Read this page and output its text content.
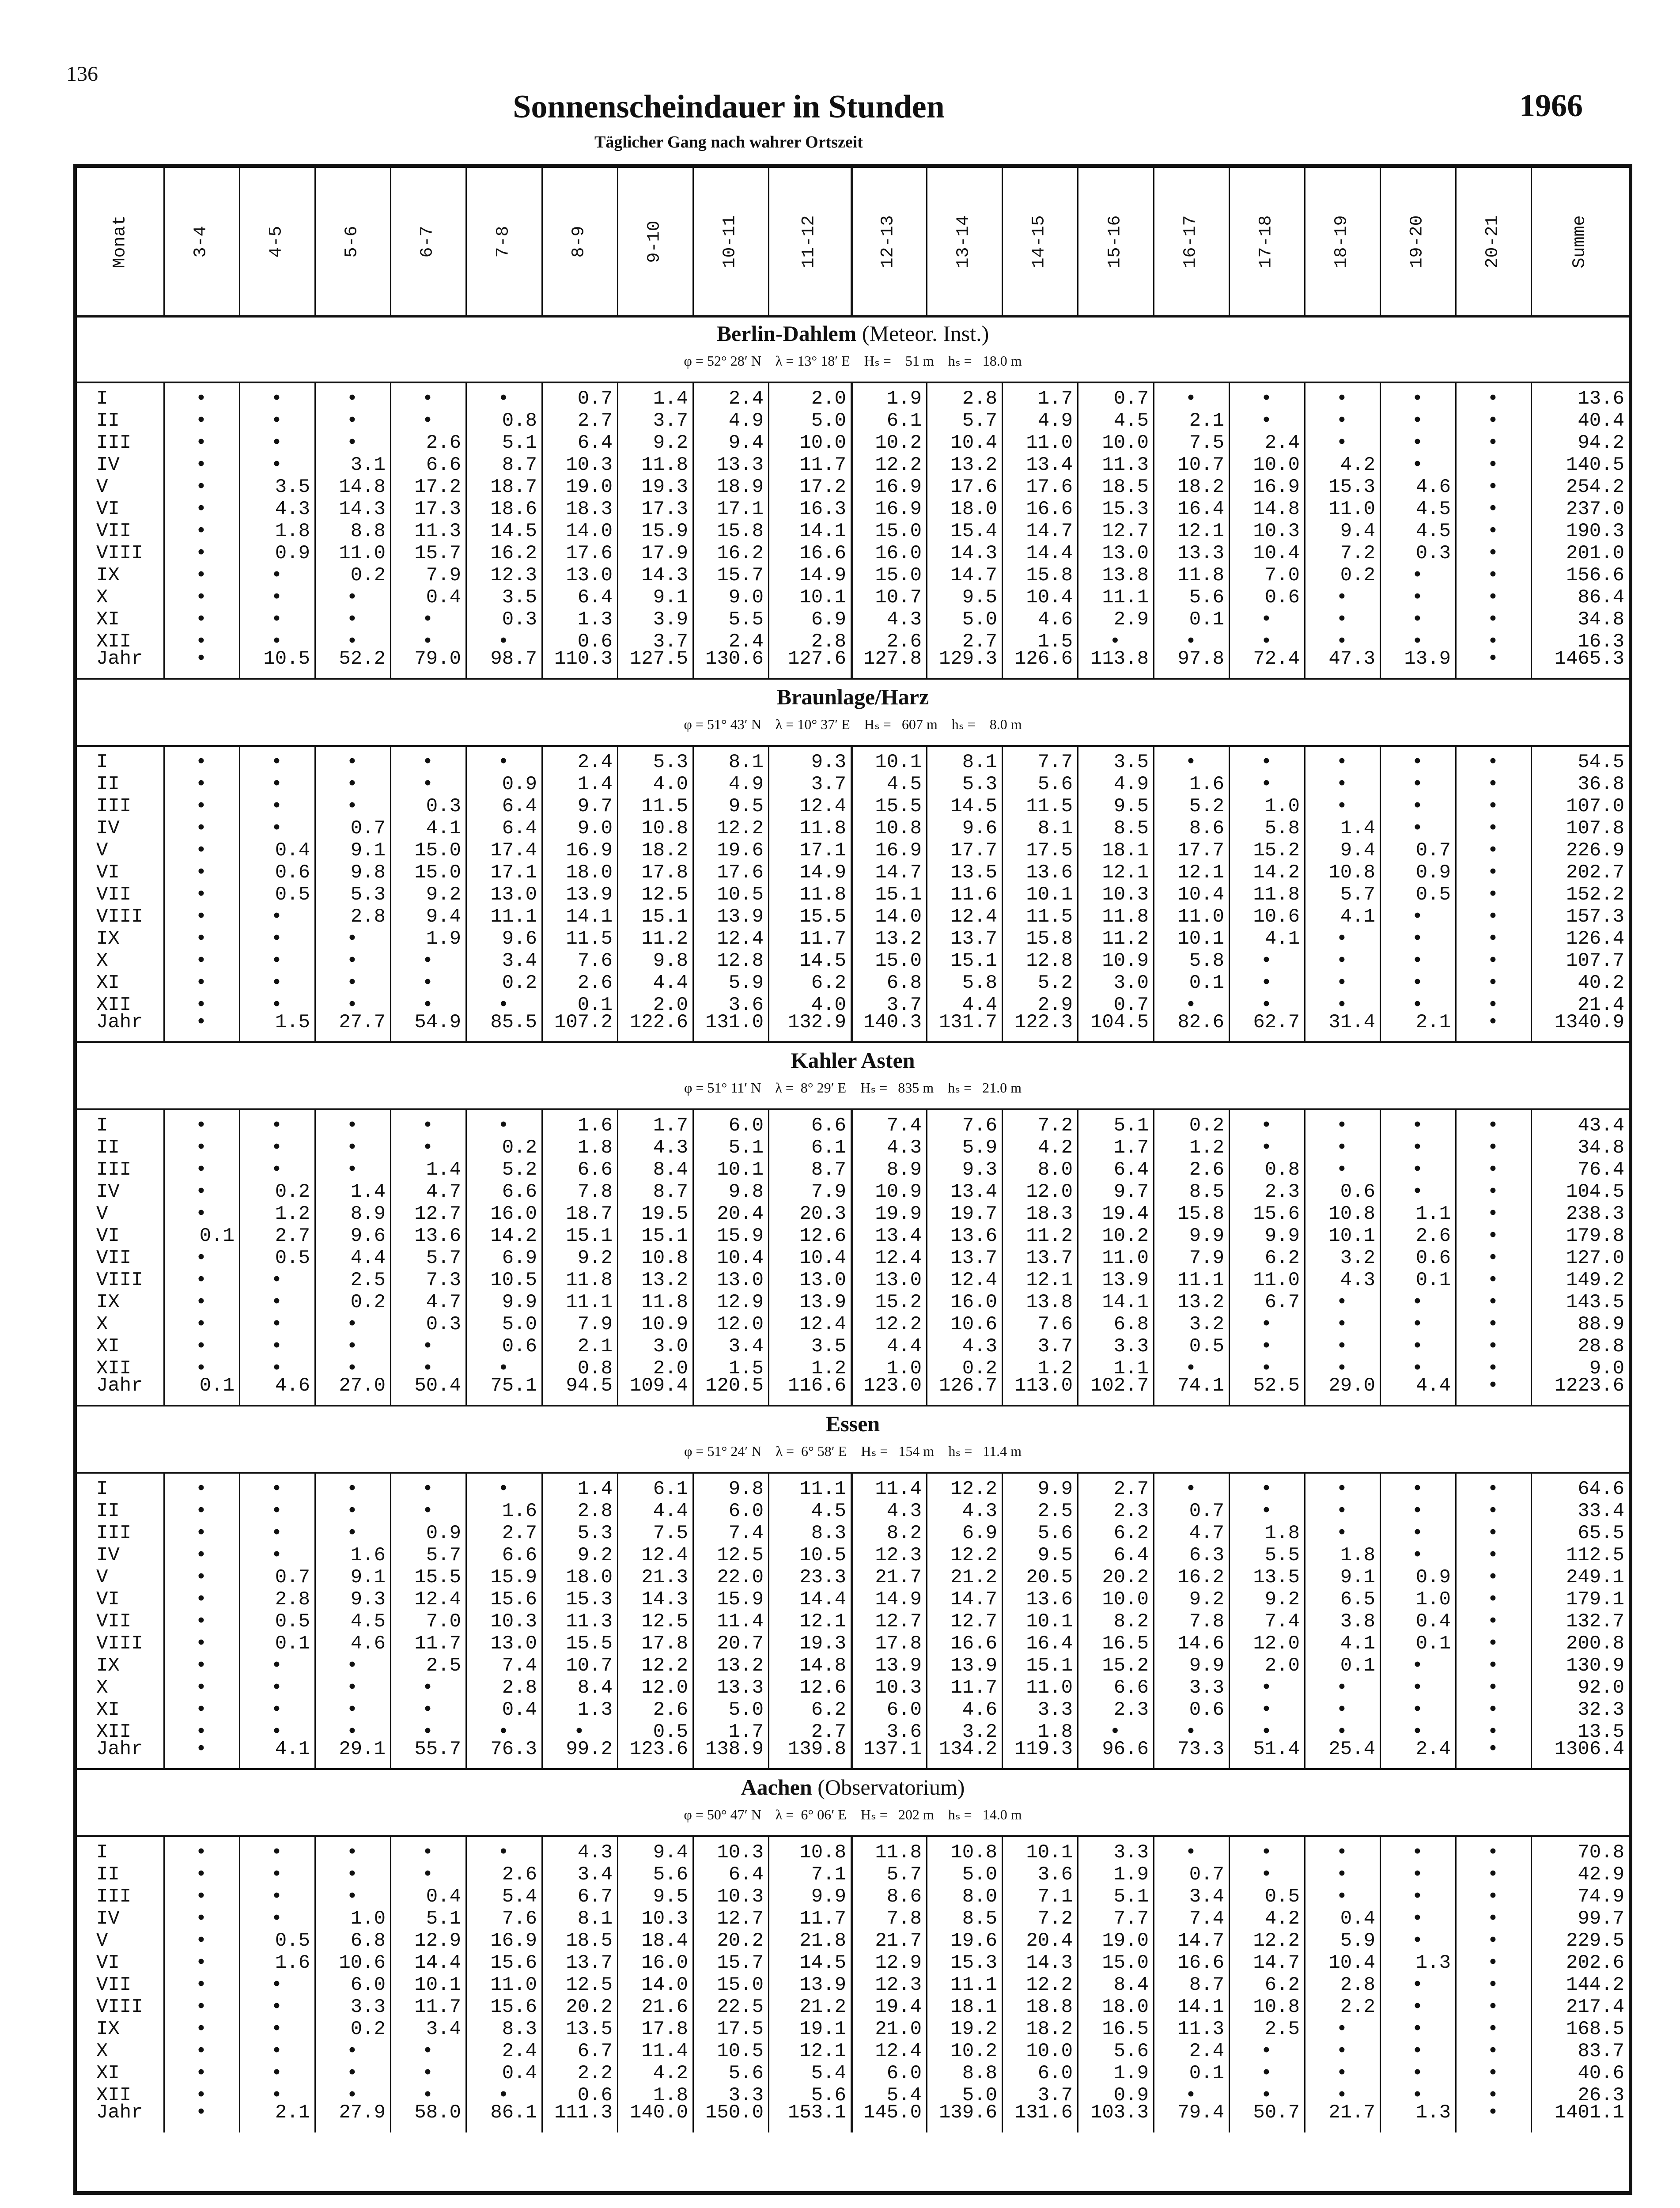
136
Sonnenscheindauer in Stunden	1966
Täglicher Gang nach wahrer Ortszeit
Monat	3-4	4-5	5-6	6-7	7-8	8-9	9-10	10-11	11-12	12-13	13-14	14-15	15-16	16-17	17-18	18-19	19-20	20-21	Summe
Berlin-Dahlem (Meteor. Inst.)
φ = 52° 28′ N    λ = 13° 18′ E    Hₛ =    51 m    hₛ =   18.0 m
I	•	•	•	•	•	0.7	1.4	2.4	2.0	1.9	2.8	1.7	0.7	•	•	•	•	•	13.6
II	•	•	•	•	0.8	2.7	3.7	4.9	5.0	6.1	5.7	4.9	4.5	2.1	•	•	•	•	40.4
III	•	•	•	2.6	5.1	6.4	9.2	9.4	10.0	10.2	10.4	11.0	10.0	7.5	2.4	•	•	•	94.2
IV	•	•	3.1	6.6	8.7	10.3	11.8	13.3	11.7	12.2	13.2	13.4	11.3	10.7	10.0	4.2	•	•	140.5
V	•	3.5	14.8	17.2	18.7	19.0	19.3	18.9	17.2	16.9	17.6	17.6	18.5	18.2	16.9	15.3	4.6	•	254.2
VI	•	4.3	14.3	17.3	18.6	18.3	17.3	17.1	16.3	16.9	18.0	16.6	15.3	16.4	14.8	11.0	4.5	•	237.0
VII	•	1.8	8.8	11.3	14.5	14.0	15.9	15.8	14.1	15.0	15.4	14.7	12.7	12.1	10.3	9.4	4.5	•	190.3
VIII	•	0.9	11.0	15.7	16.2	17.6	17.9	16.2	16.6	16.0	14.3	14.4	13.0	13.3	10.4	7.2	0.3	•	201.0
IX	•	•	0.2	7.9	12.3	13.0	14.3	15.7	14.9	15.0	14.7	15.8	13.8	11.8	7.0	0.2	•	•	156.6
X	•	•	•	0.4	3.5	6.4	9.1	9.0	10.1	10.7	9.5	10.4	11.1	5.6	0.6	•	•	•	86.4
XI	•	•	•	•	0.3	1.3	3.9	5.5	6.9	4.3	5.0	4.6	2.9	0.1	•	•	•	•	34.8
XII	•	•	•	•	•	0.6	3.7	2.4	2.8	2.6	2.7	1.5	•	•	•	•	•	•	16.3
Jahr	•	10.5	52.2	79.0	98.7 110.3 127.5 130.6	127.6 127.8 129.3 126.6 113.8	97.8	72.4	47.3	13.9	•	1465.3
Braunlage/Harz
φ = 51° 43′ N    λ = 10° 37′ E    Hₛ =   607 m    hₛ =    8.0 m
I	•	•	•	•	•	2.4	5.3	8.1	9.3	10.1	8.1	7.7	3.5	•	•	•	•	•	54.5
II	•	•	•	•	0.9	1.4	4.0	4.9	3.7	4.5	5.3	5.6	4.9	1.6	•	•	•	•	36.8
III	•	•	•	0.3	6.4	9.7	11.5	9.5	12.4	15.5	14.5	11.5	9.5	5.2	1.0	•	•	•	107.0
IV	•	•	0.7	4.1	6.4	9.0	10.8	12.2	11.8	10.8	9.6	8.1	8.5	8.6	5.8	1.4	•	•	107.8
V	•	0.4	9.1	15.0	17.4	16.9	18.2	19.6	17.1	16.9	17.7	17.5	18.1	17.7	15.2	9.4	0.7	•	226.9
VI	•	0.6	9.8	15.0	17.1	18.0	17.8	17.6	14.9	14.7	13.5	13.6	12.1	12.1	14.2	10.8	0.9	•	202.7
VII	•	0.5	5.3	9.2	13.0	13.9	12.5	10.5	11.8	15.1	11.6	10.1	10.3	10.4	11.8	5.7	0.5	•	152.2
VIII	•	•	2.8	9.4	11.1	14.1	15.1	13.9	15.5	14.0	12.4	11.5	11.8	11.0	10.6	4.1	•	•	157.3
IX	•	•	•	1.9	9.6	11.5	11.2	12.4	11.7	13.2	13.7	15.8	11.2	10.1	4.1	•	•	•	126.4
X	•	•	•	•	3.4	7.6	9.8	12.8	14.5	15.0	15.1	12.8	10.9	5.8	•	•	•	•	107.7
XI	•	•	•	•	0.2	2.6	4.4	5.9	6.2	6.8	5.8	5.2	3.0	0.1	•	•	•	•	40.2
XII	•	•	•	•	•	0.1	2.0	3.6	4.0	3.7	4.4	2.9	0.7	•	•	•	•	•	21.4
Jahr	•	1.5	27.7	54.9	85.5 107.2 122.6 131.0	132.9 140.3 131.7 122.3 104.5	82.6	62.7	31.4	2.1	•	1340.9
Kahler Asten
φ = 51° 11′ N    λ =  8° 29′ E    Hₛ =   835 m    hₛ =   21.0 m
I	•	•	•	•	•	1.6	1.7	6.0	6.6	7.4	7.6	7.2	5.1	0.2	•	•	•	•	43.4
II	•	•	•	•	0.2	1.8	4.3	5.1	6.1	4.3	5.9	4.2	1.7	1.2	•	•	•	•	34.8
III	•	•	•	1.4	5.2	6.6	8.4	10.1	8.7	8.9	9.3	8.0	6.4	2.6	0.8	•	•	•	76.4
IV	•	0.2	1.4	4.7	6.6	7.8	8.7	9.8	7.9	10.9	13.4	12.0	9.7	8.5	2.3	0.6	•	•	104.5
V	•	1.2	8.9	12.7	16.0	18.7	19.5	20.4	20.3	19.9	19.7	18.3	19.4	15.8	15.6	10.8	1.1	•	238.3
VI	0.1	2.7	9.6	13.6	14.2	15.1	15.1	15.9	12.6	13.4	13.6	11.2	10.2	9.9	9.9	10.1	2.6	•	179.8
VII	•	0.5	4.4	5.7	6.9	9.2	10.8	10.4	10.4	12.4	13.7	13.7	11.0	7.9	6.2	3.2	0.6	•	127.0
VIII	•	•	2.5	7.3	10.5	11.8	13.2	13.0	13.0	13.0	12.4	12.1	13.9	11.1	11.0	4.3	0.1	•	149.2
IX	•	•	0.2	4.7	9.9	11.1	11.8	12.9	13.9	15.2	16.0	13.8	14.1	13.2	6.7	•	•	•	143.5
X	•	•	•	0.3	5.0	7.9	10.9	12.0	12.4	12.2	10.6	7.6	6.8	3.2	•	•	•	•	88.9
XI	•	•	•	•	0.6	2.1	3.0	3.4	3.5	4.4	4.3	3.7	3.3	0.5	•	•	•	•	28.8
XII	•	•	•	•	•	0.8	2.0	1.5	1.2	1.0	0.2	1.2	1.1	•	•	•	•	•	9.0
Jahr	0.1	4.6	27.0	50.4	75.1	94.5 109.4 120.5	116.6 123.0 126.7 113.0 102.7	74.1	52.5	29.0	4.4	•	1223.6
Essen
φ = 51° 24′ N    λ =  6° 58′ E    Hₛ =   154 m    hₛ =   11.4 m
I	•	•	•	•	•	1.4	6.1	9.8	11.1	11.4	12.2	9.9	2.7	•	•	•	•	•	64.6
II	•	•	•	•	1.6	2.8	4.4	6.0	4.5	4.3	4.3	2.5	2.3	0.7	•	•	•	•	33.4
III	•	•	•	0.9	2.7	5.3	7.5	7.4	8.3	8.2	6.9	5.6	6.2	4.7	1.8	•	•	•	65.5
IV	•	•	1.6	5.7	6.6	9.2	12.4	12.5	10.5	12.3	12.2	9.5	6.4	6.3	5.5	1.8	•	•	112.5
V	•	0.7	9.1	15.5	15.9	18.0	21.3	22.0	23.3	21.7	21.2	20.5	20.2	16.2	13.5	9.1	0.9	•	249.1
VI	•	2.8	9.3	12.4	15.6	15.3	14.3	15.9	14.4	14.9	14.7	13.6	10.0	9.2	9.2	6.5	1.0	•	179.1
VII	•	0.5	4.5	7.0	10.3	11.3	12.5	11.4	12.1	12.7	12.7	10.1	8.2	7.8	7.4	3.8	0.4	•	132.7
VIII	•	0.1	4.6	11.7	13.0	15.5	17.8	20.7	19.3	17.8	16.6	16.4	16.5	14.6	12.0	4.1	0.1	•	200.8
IX	•	•	•	2.5	7.4	10.7	12.2	13.2	14.8	13.9	13.9	15.1	15.2	9.9	2.0	0.1	•	•	130.9
X	•	•	•	•	2.8	8.4	12.0	13.3	12.6	10.3	11.7	11.0	6.6	3.3	•	•	•	•	92.0
XI	•	•	•	•	0.4	1.3	2.6	5.0	6.2	6.0	4.6	3.3	2.3	0.6	•	•	•	•	32.3
XII	•	•	•	•	•	•	0.5	1.7	2.7	3.6	3.2	1.8	•	•	•	•	•	•	13.5
Jahr	•	4.1	29.1	55.7	76.3	99.2 123.6 138.9	139.8 137.1 134.2 119.3	96.6	73.3	51.4	25.4	2.4	•	1306.4
Aachen (Observatorium)
φ = 50° 47′ N    λ =  6° 06′ E    Hₛ =   202 m    hₛ =   14.0 m
I	•	•	•	•	•	4.3	9.4	10.3	10.8	11.8	10.8	10.1	3.3	•	•	•	•	•	70.8
II	•	•	•	•	2.6	3.4	5.6	6.4	7.1	5.7	5.0	3.6	1.9	0.7	•	•	•	•	42.9
III	•	•	•	0.4	5.4	6.7	9.5	10.3	9.9	8.6	8.0	7.1	5.1	3.4	0.5	•	•	•	74.9
IV	•	•	1.0	5.1	7.6	8.1	10.3	12.7	11.7	7.8	8.5	7.2	7.7	7.4	4.2	0.4	•	•	99.7
V	•	0.5	6.8	12.9	16.9	18.5	18.4	20.2	21.8	21.7	19.6	20.4	19.0	14.7	12.2	5.9	•	•	229.5
VI	•	1.6	10.6	14.4	15.6	13.7	16.0	15.7	14.5	12.9	15.3	14.3	15.0	16.6	14.7	10.4	1.3	•	202.6
VII	•	•	6.0	10.1	11.0	12.5	14.0	15.0	13.9	12.3	11.1	12.2	8.4	8.7	6.2	2.8	•	•	144.2
VIII	•	•	3.3	11.7	15.6	20.2	21.6	22.5	21.2	19.4	18.1	18.8	18.0	14.1	10.8	2.2	•	•	217.4
IX	•	•	0.2	3.4	8.3	13.5	17.8	17.5	19.1	21.0	19.2	18.2	16.5	11.3	2.5	•	•	•	168.5
X	•	•	•	•	2.4	6.7	11.4	10.5	12.1	12.4	10.2	10.0	5.6	2.4	•	•	•	•	83.7
XI	•	•	•	•	0.4	2.2	4.2	5.6	5.4	6.0	8.8	6.0	1.9	0.1	•	•	•	•	40.6
XII	•	•	•	•	•	0.6	1.8	3.3	5.6	5.4	5.0	3.7	0.9	•	•	•	•	•	26.3
Jahr	•	2.1	27.9	58.0	86.1 111.3 140.0 150.0	153.1 145.0 139.6 131.6 103.3	79.4	50.7	21.7	1.3	•	1401.1
